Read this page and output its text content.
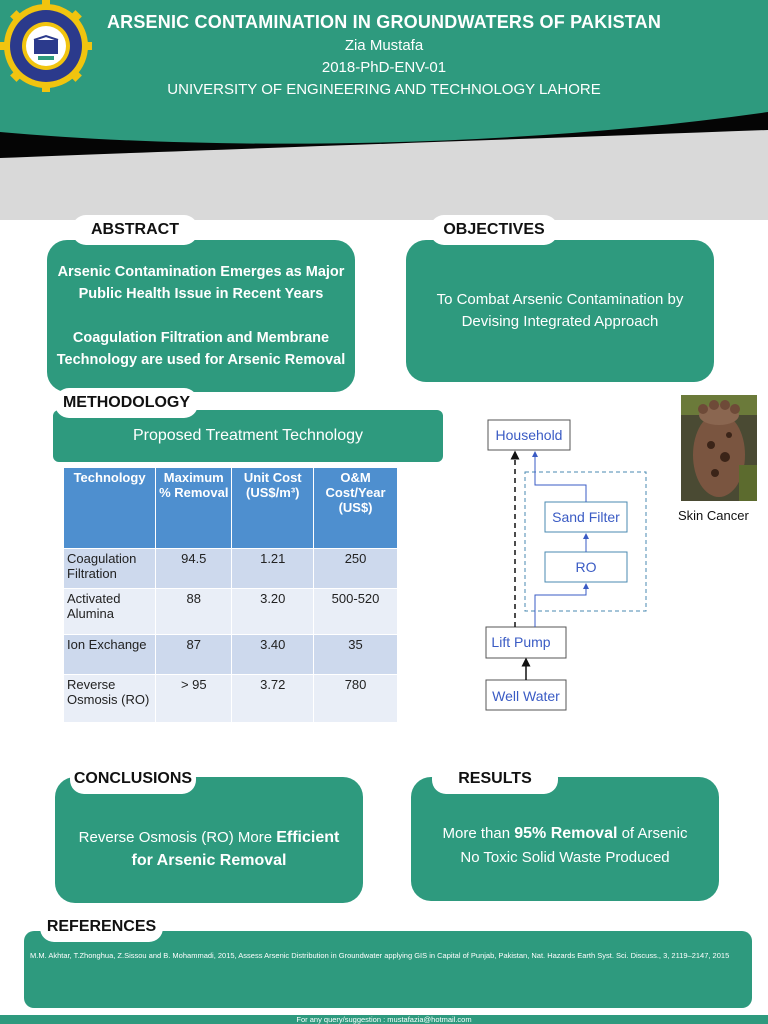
ARSENIC CONTAMINATION IN GROUNDWATERS OF PAKISTAN
Zia Mustafa
2018-PhD-ENV-01
UNIVERSITY OF ENGINEERING AND TECHNOLOGY LAHORE

Arsenic Contamination Emerges as Major Public Health Issue in Recent Years

Coagulation Filtration and Membrane Technology are used for Arsenic Removal

ABSTRACT
To Combat Arsenic Contamination by Devising Integrated Approach
OBJECTIVES
Proposed Treatment Technology
METHODOLOGY
Technology	Maximum % Removal	Unit Cost (US$/m³)	O&M Cost/Year (US$)
Coagulation Filtration	94.5	1.21	250
Activated Alumina	88	3.20	500-520
Ion Exchange	87	3.40	35
Reverse Osmosis (RO)	> 95	3.72	780
Household
Sand Filter
RO
Lift Pump
Well Water
Skin Cancer
Reverse Osmosis (RO) More Efficient for Arsenic Removal
CONCLUSIONS
More than 95% Removal of Arsenic
No Toxic Solid Waste Produced
RESULTS
M.M. Akhtar, T.Zhonghua, Z.Sissou and B. Mohammadi, 2015, Assess Arsenic Distribution in Groundwater applying GIS in Capital of Punjab, Pakistan, Nat. Hazards Earth Syst. Sci. Discuss., 3, 2119–2147, 2015
REFERENCES
For any query/suggestion : mustafazia@hotmail.com
